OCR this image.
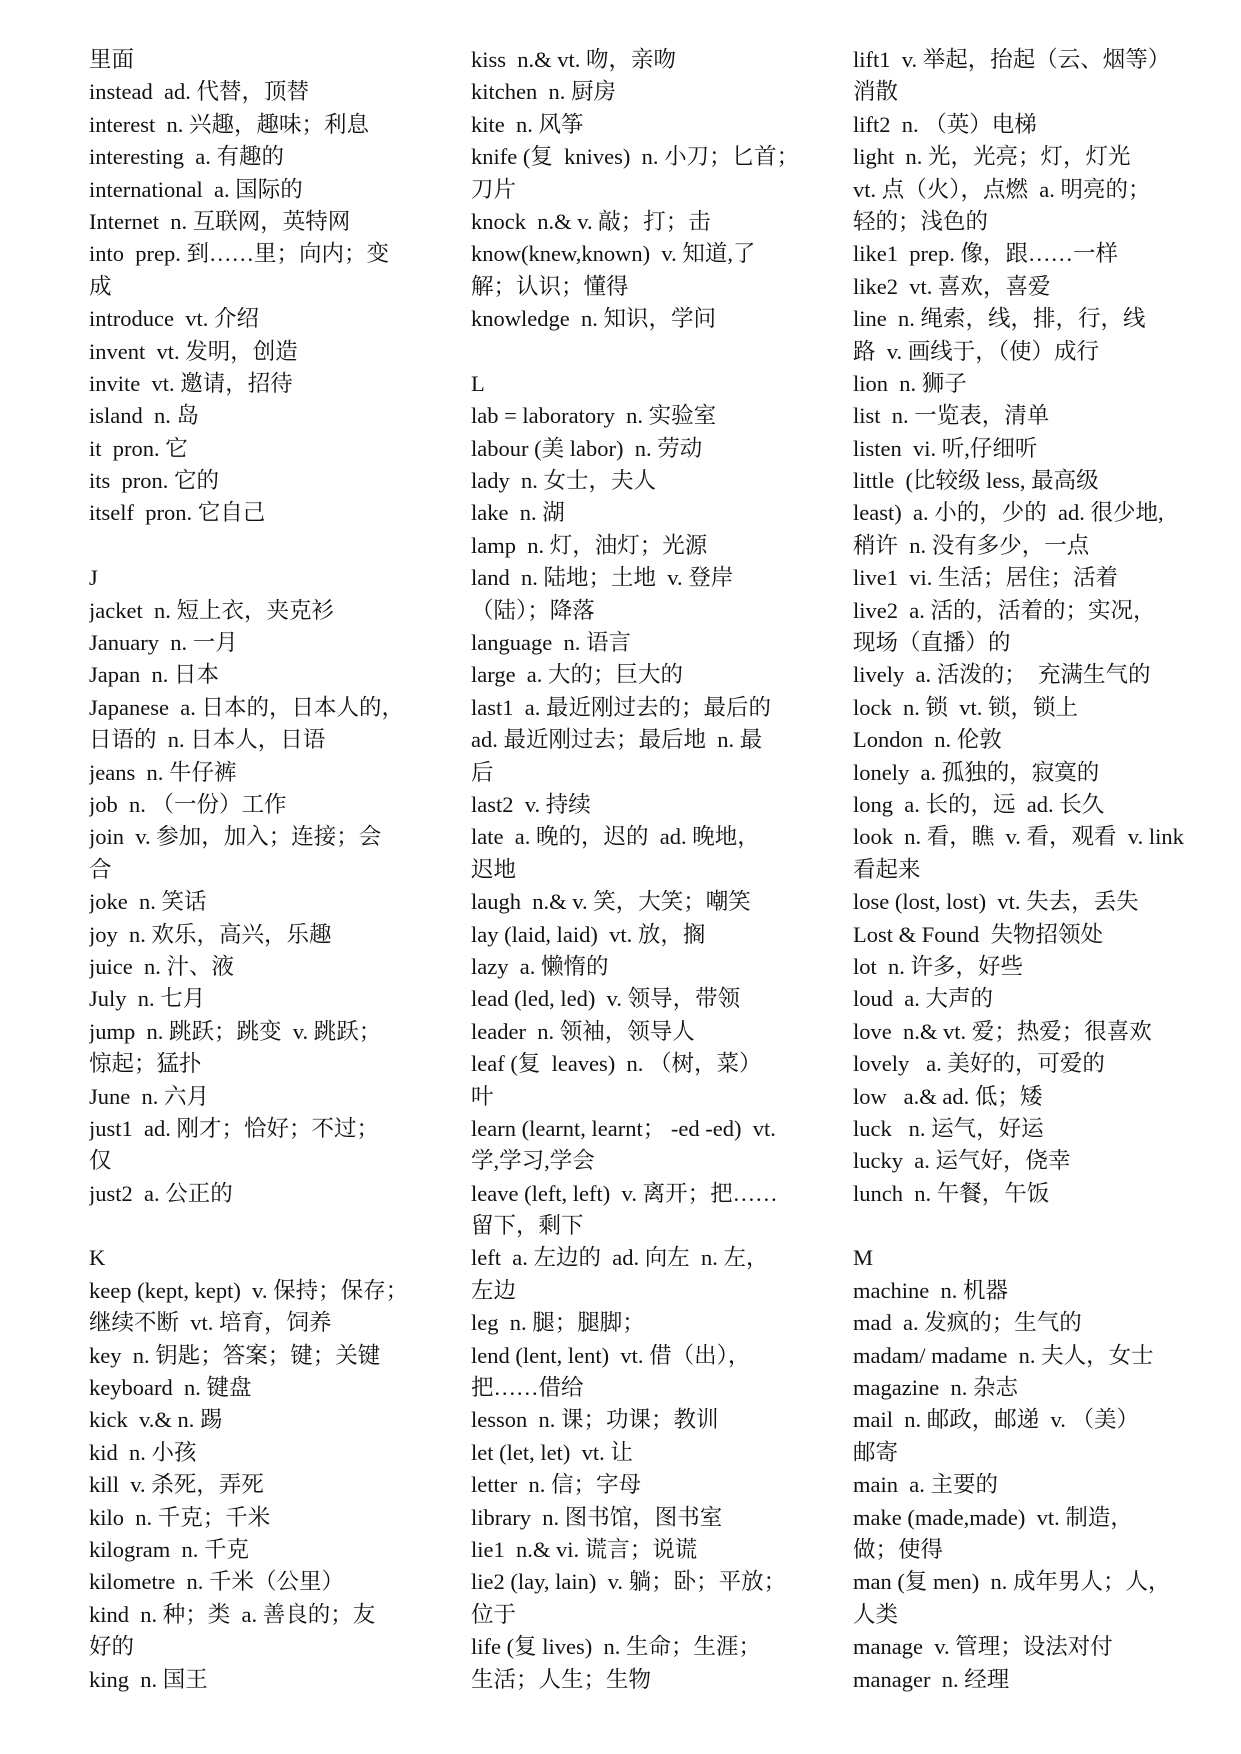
里面
instead  ad. 代替，顶替
interest  n. 兴趣，趣味；利息
interesting  a. 有趣的
international  a. 国际的
Internet  n. 互联网，英特网
into  prep. 到……里；向内；变
成
introduce  vt. 介绍
invent  vt. 发明，创造
invite  vt. 邀请，招待
island  n. 岛
it  pron. 它
its  pron. 它的
itself  pron. 它自己
J
jacket  n. 短上衣，夹克衫
January  n. 一月
Japan  n. 日本
Japanese  a. 日本的，日本人的，
日语的  n. 日本人，日语
jeans  n. 牛仔裤
job  n. （一份）工作
join  v. 参加，加入；连接；会
合
joke  n. 笑话
joy  n. 欢乐，高兴，乐趣
juice  n. 汁、液
July  n. 七月
jump  n. 跳跃；跳变  v. 跳跃；
惊起；猛扑
June  n. 六月
just1  ad. 刚才；恰好；不过；
仅
just2  a. 公正的
K
keep (kept, kept)  v. 保持；保存；
继续不断  vt. 培育，饲养
key  n. 钥匙；答案；键；关键
keyboard  n. 键盘
kick  v.& n. 踢
kid  n. 小孩
kill  v. 杀死，弄死
kilo  n. 千克；千米
kilogram  n. 千克
kilometre  n. 千米（公里）
kind  n. 种；类  a. 善良的；友
好的
king  n. 国王
kiss  n.& vt. 吻，亲吻
kitchen  n. 厨房
kite  n. 风筝
knife (复  knives)  n. 小刀；匕首；
刀片
knock  n.& v. 敲；打；击
know(knew,known)  v. 知道,了
解；认识；懂得
knowledge  n. 知识，学问
L
lab = laboratory  n. 实验室
labour (美 labor)  n. 劳动
lady  n. 女士，夫人
lake  n. 湖
lamp  n. 灯，油灯；光源
land  n. 陆地；土地  v. 登岸
（陆）；降落
language  n. 语言
large  a. 大的；巨大的
last1  a. 最近刚过去的；最后的
ad. 最近刚过去；最后地  n. 最
后
last2  v. 持续
late  a. 晚的，迟的  ad. 晚地，
迟地
laugh  n.& v. 笑，大笑；嘲笑
lay (laid, laid)  vt. 放，搁
lazy  a. 懒惰的
lead (led, led)  v. 领导，带领
leader  n. 领袖，领导人
leaf (复  leaves)  n. （树，菜）
叶
learn (learnt, learnt； -ed -ed)  vt.
学,学习,学会
leave (left, left)  v. 离开；把……
留下，剩下
left  a. 左边的  ad. 向左  n. 左，
左边
leg  n. 腿；腿脚；
lend (lent, lent)  vt. 借（出），
把……借给
lesson  n. 课；功课；教训
let (let, let)  vt. 让
letter  n. 信；字母
library  n. 图书馆，图书室
lie1  n.& vi. 谎言；说谎
lie2 (lay, lain)  v. 躺；卧；平放；
位于
life (复 lives)  n. 生命；生涯；
生活；人生；生物
lift1  v. 举起，抬起（云、烟等）
消散
lift2  n. （英）电梯
light  n. 光，光亮；灯，灯光
vt. 点（火），点燃  a. 明亮的；
轻的；浅色的
like1  prep. 像，跟……一样
like2  vt. 喜欢，喜爱
line  n. 绳索，线，排，行，线
路  v. 画线于，（使）成行
lion  n. 狮子
list  n. 一览表，清单
listen  vi. 听,仔细听
little  (比较级 less, 最高级
least)  a. 小的，少的  ad. 很少地,
稍许  n. 没有多少，一点
live1  vi. 生活；居住；活着
live2  a. 活的，活着的；实况，
现场（直播）的
lively  a. 活泼的；  充满生气的
lock  n. 锁  vt. 锁，锁上
London  n. 伦敦
lonely  a. 孤独的，寂寞的
long  a. 长的，远  ad. 长久
look  n. 看，瞧  v. 看，观看  v. link
看起来
lose (lost, lost)  vt. 失去，丢失
Lost & Found  失物招领处
lot  n. 许多，好些
loud  a. 大声的
love  n.& vt. 爱；热爱；很喜欢
lovely   a. 美好的，可爱的
low   a.& ad. 低；矮
luck   n. 运气，好运
lucky  a. 运气好，侥幸
lunch  n. 午餐，午饭
M
machine  n. 机器
mad  a. 发疯的；生气的
madam/ madame  n. 夫人，女士
magazine  n. 杂志
mail  n. 邮政，邮递  v. （美）
邮寄
main  a. 主要的
make (made,made)  vt. 制造，
做；使得
man (复 men)  n. 成年男人；人，
人类
manage  v. 管理；设法对付
manager  n. 经理
